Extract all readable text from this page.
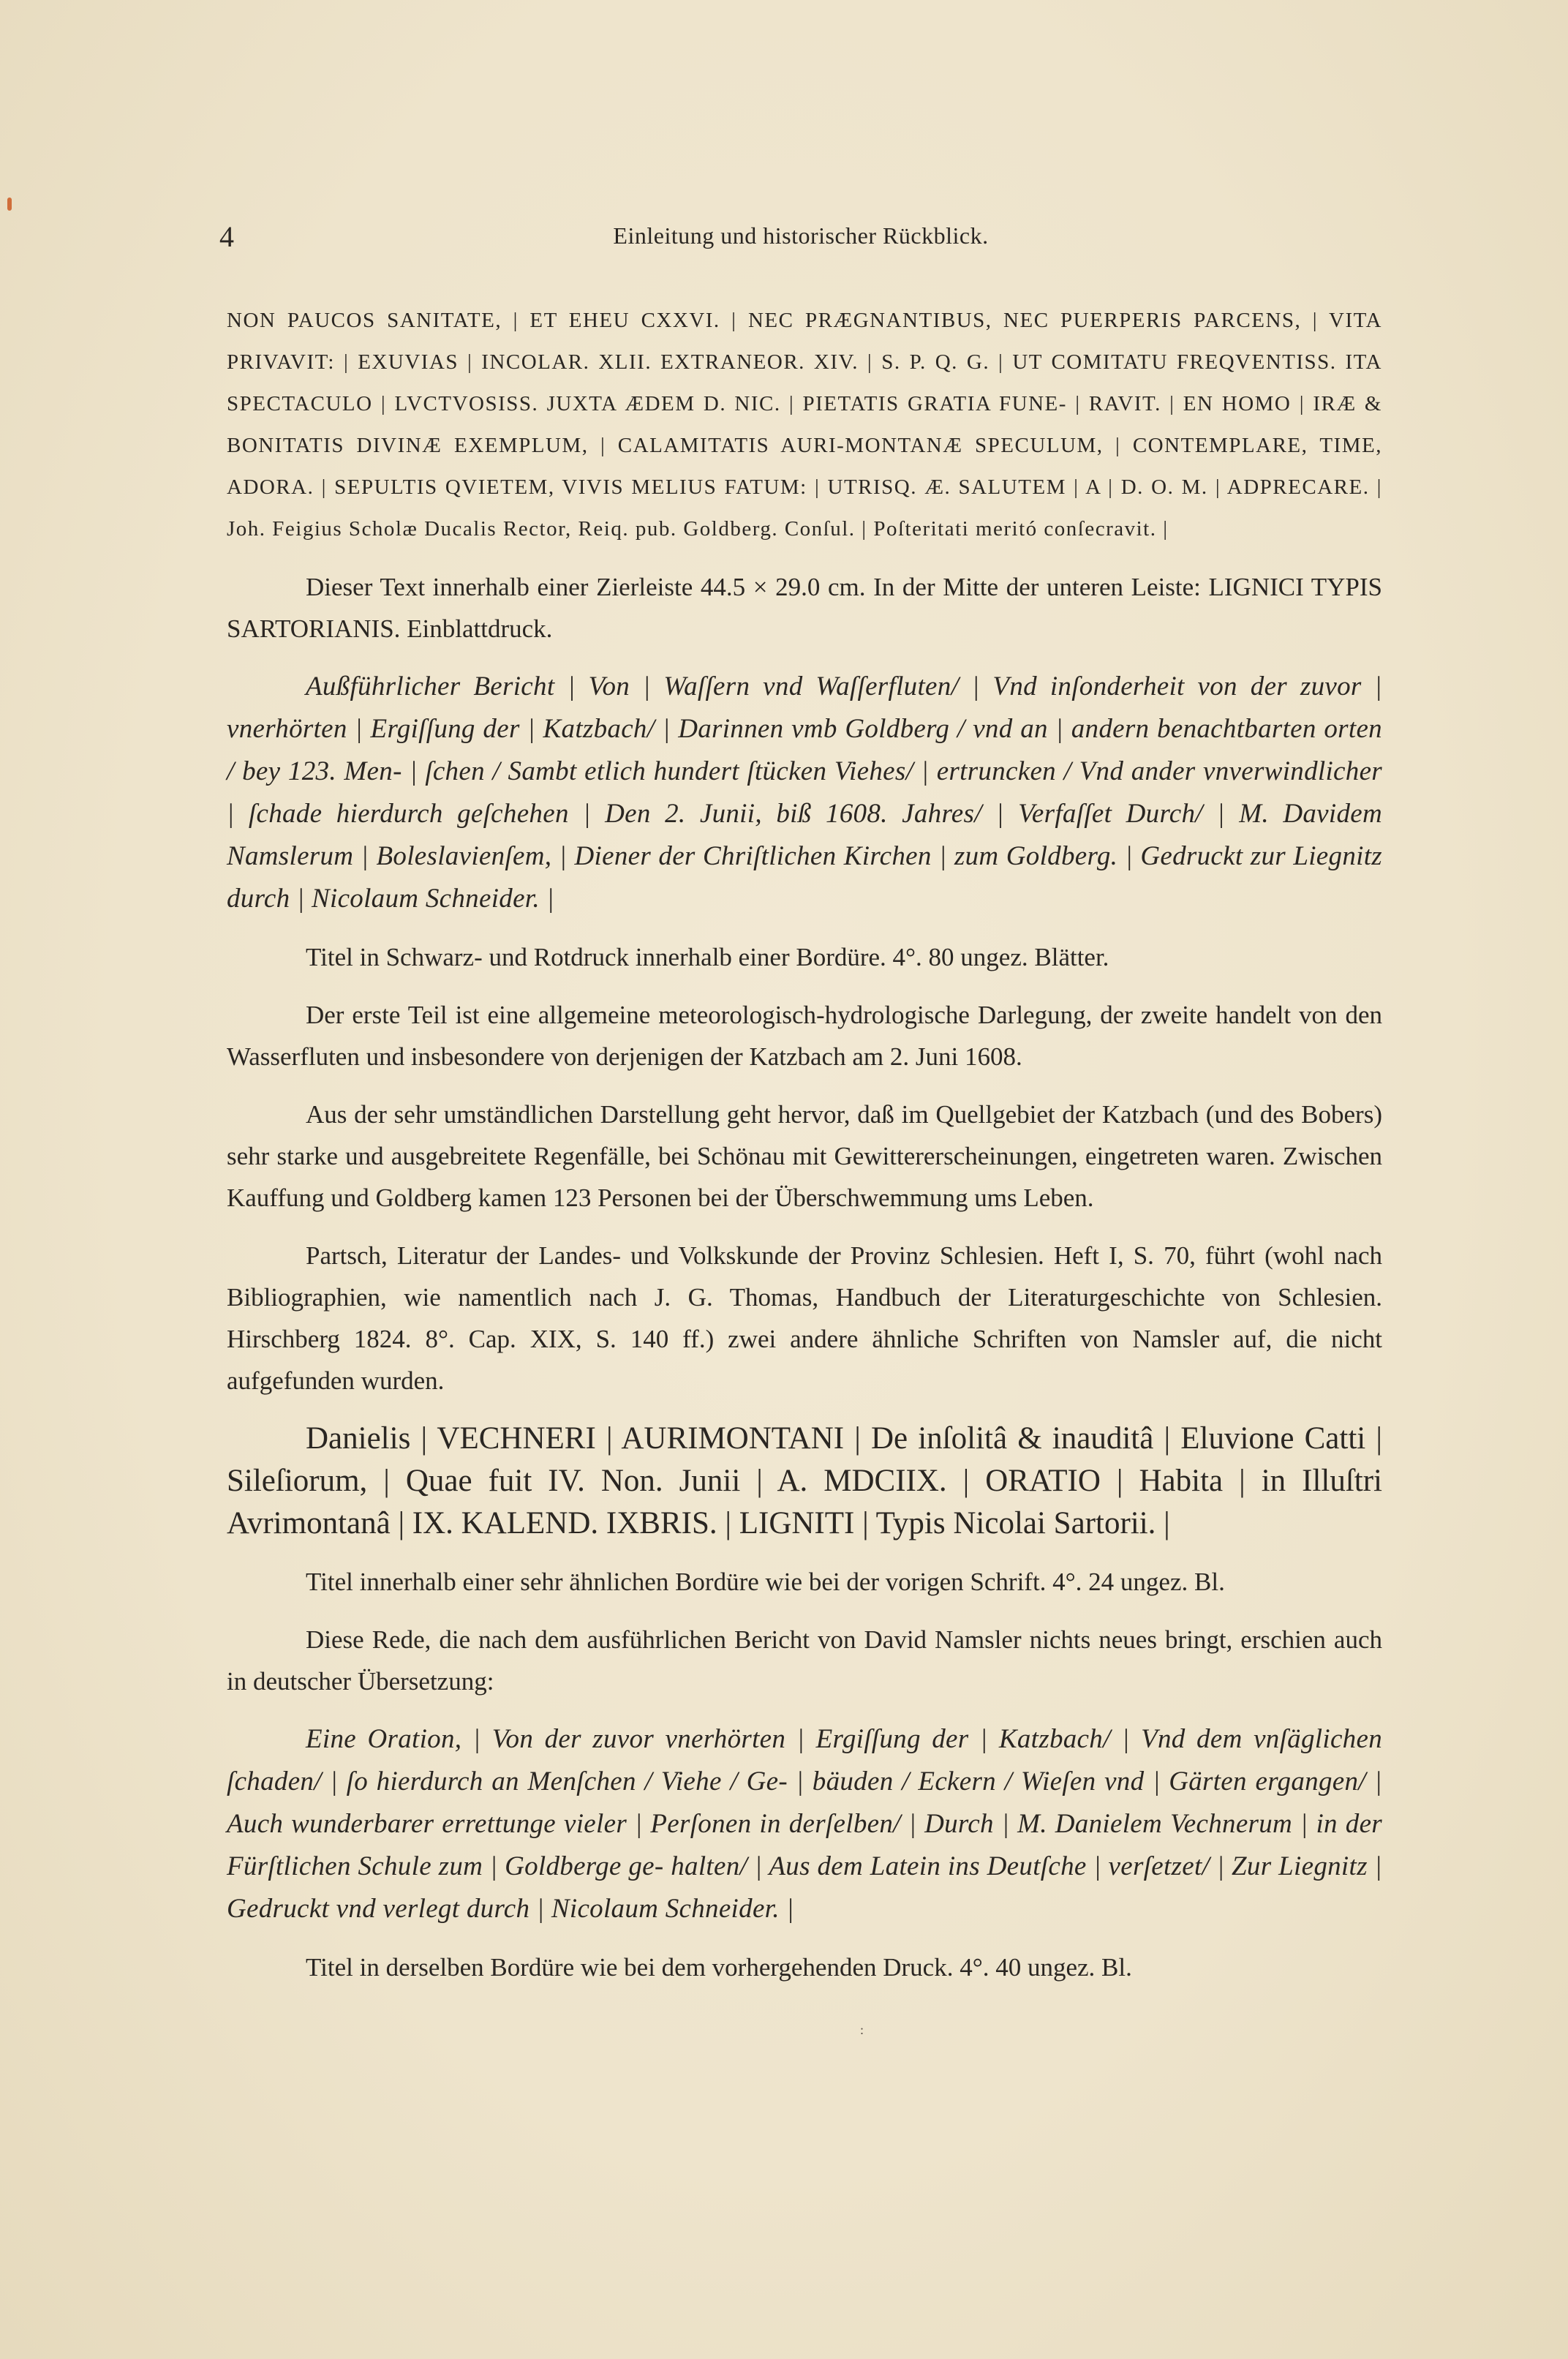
4	Einleitung und historischer Rückblick.

NON PAUCOS SANITATE, | ET EHEU CXXVI. | NEC PRÆGNANTIBUS, NEC PUERPERIS PARCENS, | VITA PRIVAVIT: | EXUVIAS | INCOLAR. XLII. EXTRANEOR. XIV. | S. P. Q. G. | UT COMITATU FREQVENTISS. ITA SPECTACULO | LVCTVOSISS. JUXTA ÆDEM D. NIC. | PIETATIS GRATIA FUNE- | RAVIT. | EN HOMO | IRÆ & BONITATIS DIVINÆ EXEMPLUM, | CALAMITATIS AURI-MONTANÆ SPECULUM, | CONTEMPLARE, TIME, ADORA. | SEPULTIS QVIETEM, VIVIS MELIUS FATUM: | UTRISQ. Æ. SALUTEM | A | D. O. M. | ADPRECARE. | Joh. Feigius Scholæ Ducalis Rector, Reiq. pub. Goldberg. Conſul. | Poſteritati meritó conſecravit. |

Dieser Text innerhalb einer Zierleiste 44.5 × 29.0 cm. In der Mitte der unteren Leiste: LIGNICI TYPIS SARTORIANIS. Einblattdruck.

Außführlicher Bericht | Von | Waſſern vnd Waſſerfluten/ | Vnd inſonderheit von der zuvor | vnerhörten | Ergiſſung der | Katzbach/ | Darinnen vmb Goldberg / vnd an | andern benachtbarten orten / bey 123. Men- | ſchen / Sambt etlich hundert ſtücken Viehes/ | ertruncken / Vnd ander vnverwindlicher | ſchade hierdurch geſchehen | Den 2. Junii, biß 1608. Jahres/ | Verfaſſet Durch/ | M. Davidem Namslerum | Boleslavienſem, | Diener der Chriſtlichen Kirchen | zum Goldberg. | Gedruckt zur Liegnitz durch | Nicolaum Schneider. |

Titel in Schwarz- und Rotdruck innerhalb einer Bordüre. 4°. 80 ungez. Blätter.

Der erste Teil ist eine allgemeine meteorologisch-hydrologische Darlegung, der zweite handelt von den Wasserfluten und insbesondere von derjenigen der Katzbach am 2. Juni 1608.

Aus der sehr umständlichen Darstellung geht hervor, daß im Quellgebiet der Katzbach (und des Bobers) sehr starke und ausgebreitete Regenfälle, bei Schönau mit Gewittererscheinungen, eingetreten waren. Zwischen Kauffung und Goldberg kamen 123 Personen bei der Überschwemmung ums Leben.

Partsch, Literatur der Landes- und Volkskunde der Provinz Schlesien. Heft I, S. 70, führt (wohl nach Bibliographien, wie namentlich nach J. G. Thomas, Handbuch der Literaturgeschichte von Schlesien. Hirschberg 1824. 8°. Cap. XIX, S. 140 ff.) zwei andere ähnliche Schriften von Namsler auf, die nicht aufgefunden wurden.

Danielis | VECHNERI | AURIMONTANI | De inſolitâ & inauditâ | Eluvione Catti | Sileſiorum, | Quae fuit IV. Non. Junii | A. MDCIIX. | ORATIO | Habita | in Illuſtri Avrimontanâ | IX. KALEND. IXBRIS. | LIGNITI | Typis Nicolai Sartorii. |

Titel innerhalb einer sehr ähnlichen Bordüre wie bei der vorigen Schrift. 4°. 24 ungez. Bl.

Diese Rede, die nach dem ausführlichen Bericht von David Namsler nichts neues bringt, erschien auch in deutscher Übersetzung:

Eine Oration, | Von der zuvor vnerhörten | Ergiſſung der | Katzbach/ | Vnd dem vnſäglichen ſchaden/ | ſo hierdurch an Menſchen / Viehe / Ge- | bäuden / Eckern / Wieſen vnd | Gärten ergangen/ | Auch wunderbarer errettunge vieler | Perſonen in derſelben/ | Durch | M. Danielem Vechnerum | in der Fürſtlichen Schule zum | Goldberge ge- halten/ | Aus dem Latein ins Deutſche | verſetzet/ | Zur Liegnitz | Gedruckt vnd verlegt durch | Nicolaum Schneider. |

Titel in derselben Bordüre wie bei dem vorhergehenden Druck. 4°. 40 ungez. Bl.

:
